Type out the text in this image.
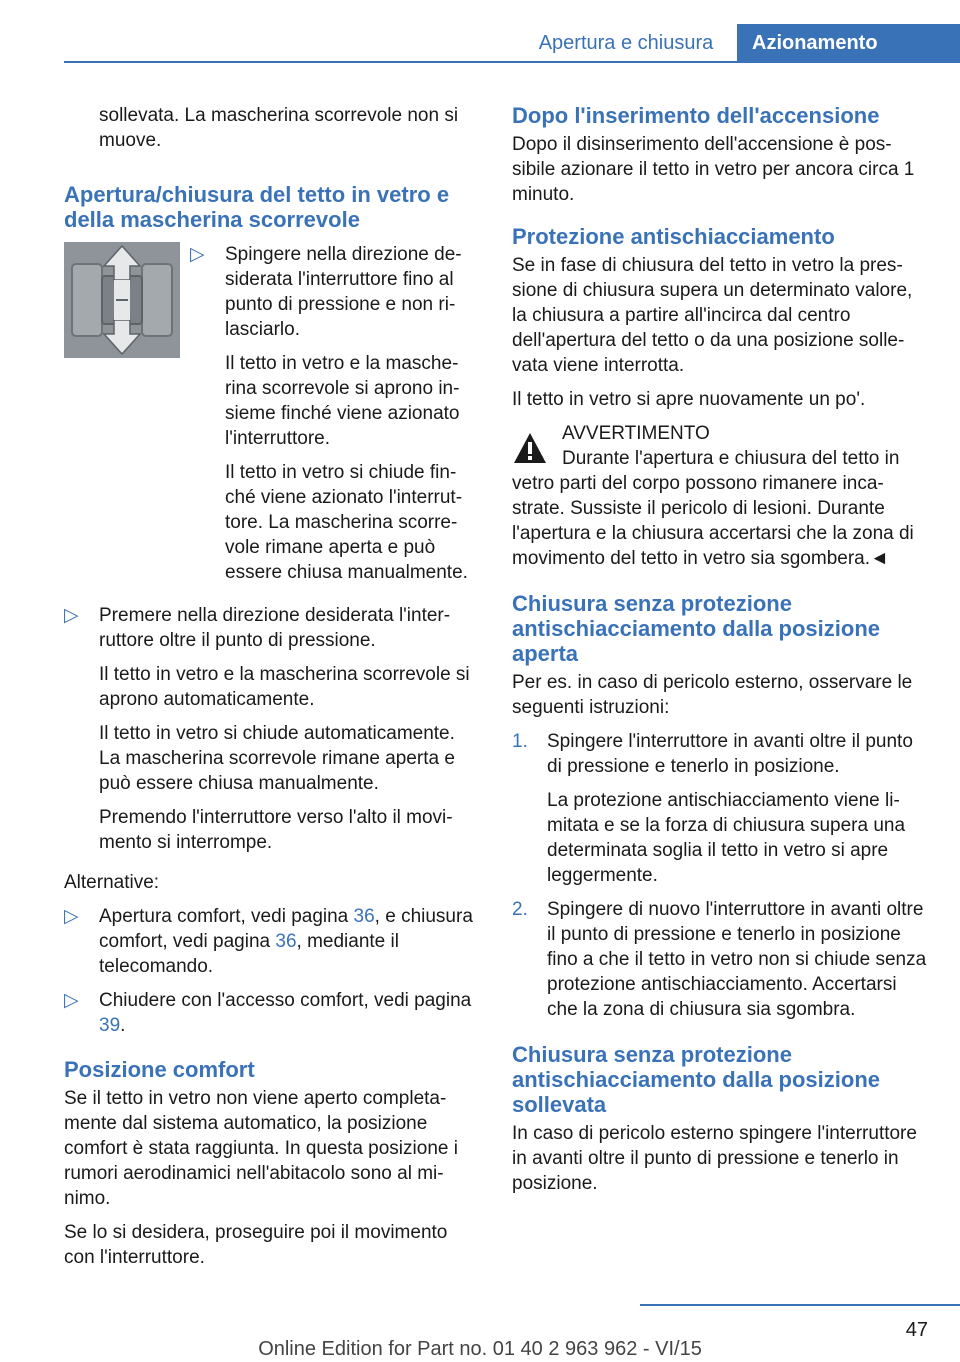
Apertura e chiusura	Azionamento

sollevata. La mascherina scorrevole non si muove.

Apertura/chiusura del tetto in vetro e della mascherina scorrevole
▷ Spingere nella direzione desiderata l'interruttore fino al punto di pressione e non rilasciarlo.

Il tetto in vetro e la mascherina scorrevole si aprono insieme finché viene azionato l'interruttore.

Il tetto in vetro si chiude finché viene azionato l'interruttore. La mascherina scorrevole rimane aperta e può essere chiusa manualmente.

▷ Premere nella direzione desiderata l'interruttore oltre il punto di pressione.

Il tetto in vetro e la mascherina scorrevole si aprono automaticamente.

Il tetto in vetro si chiude automaticamente. La mascherina scorrevole rimane aperta e può essere chiusa manualmente.

Premendo l'interruttore verso l'alto il movimento si interrompe.

Alternative:

▷ Apertura comfort, vedi pagina 36, e chiusura comfort, vedi pagina 36, mediante il telecomando.

▷ Chiudere con l'accesso comfort, vedi pagina 39.

Posizione comfort

Se il tetto in vetro non viene aperto completamente dal sistema automatico, la posizione comfort è stata raggiunta. In questa posizione i rumori aerodinamici nell'abitacolo sono al minimo.

Se lo si desidera, proseguire poi il movimento con l'interruttore.

Dopo l'inserimento dell'accensione

Dopo il disinserimento dell'accensione è possibile azionare il tetto in vetro per ancora circa 1 minuto.

Protezione antischiacciamento

Se in fase di chiusura del tetto in vetro la pressione di chiusura supera un determinato valore, la chiusura a partire all'incirca dal centro dell'apertura del tetto o da una posizione sollevata viene interrotta.

Il tetto in vetro si apre nuovamente un po'.

AVVERTIMENTO

Durante l'apertura e chiusura del tetto in

vetro parti del corpo possono rimanere incastrate. Sussiste il pericolo di lesioni. Durante l'apertura e la chiusura accertarsi che la zona di movimento del tetto in vetro sia sgombera.◄

Chiusura senza protezione antischiacciamento dalla posizione aperta

Per es. in caso di pericolo esterno, osservare le seguenti istruzioni:

1. Spingere l'interruttore in avanti oltre il punto di pressione e tenerlo in posizione.

La protezione antischiacciamento viene limitata e se la forza di chiusura supera una determinata soglia il tetto in vetro si apre leggermente.

2. Spingere di nuovo l'interruttore in avanti oltre il punto di pressione e tenerlo in posizione fino a che il tetto in vetro non si chiude senza protezione antischiacciamento. Accertarsi che la zona di chiusura sia sgombra.

Chiusura senza protezione antischiacciamento dalla posizione sollevata

In caso di pericolo esterno spingere l'interruttore in avanti oltre il punto di pressione e tenerlo in posizione.

47
Online Edition for Part no. 01 40 2 963 962 - VI/15
